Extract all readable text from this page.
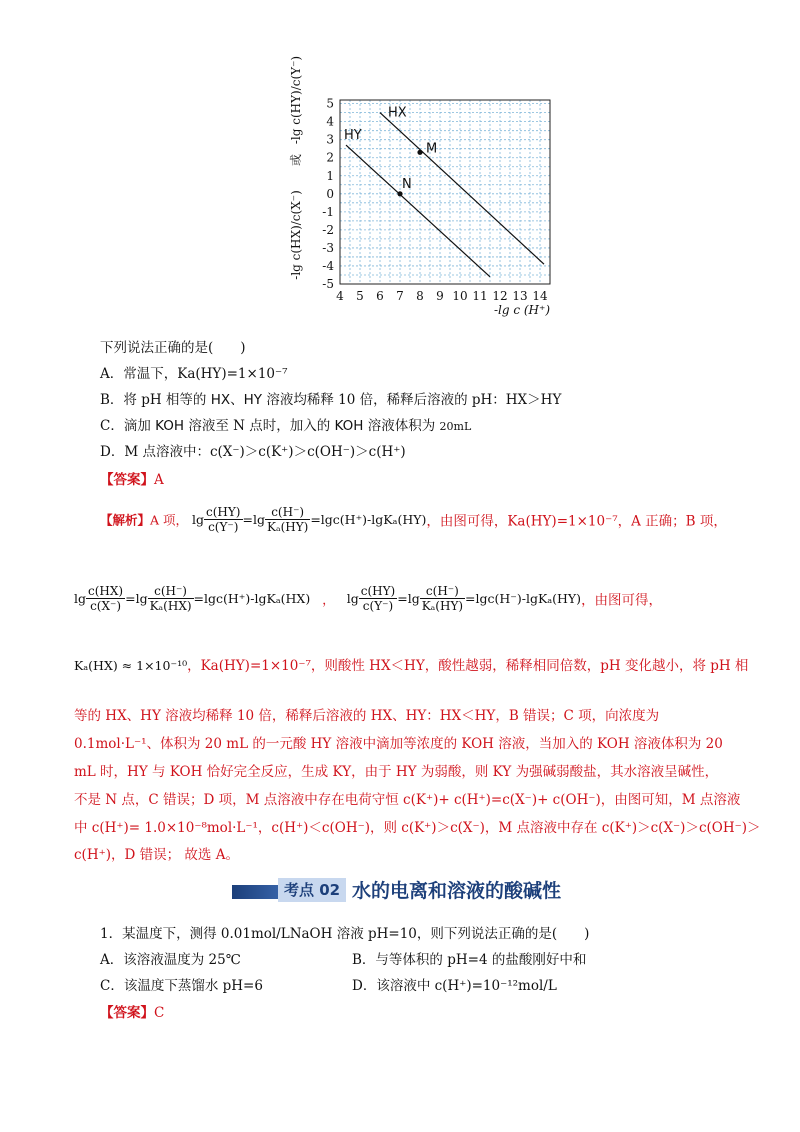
4 5 6 7 8 9 10 11 12 13 14
5
4
3
2
1
0
-1
-2
-3
-4
-5
HX
HY
M
N
-lg c (H⁺)
-lg c(HX)/c(X⁻)
或
-lg c(HY)/c(Y⁻)
下列说法正确的是(　　)
A．常温下，Ka(HY)=1×10⁻⁷
B．将 pH 相等的 HX、HY 溶液均稀释 10 倍，稀释后溶液的 pH：HX＞HY
C．滴加 KOH 溶液至 N 点时，加入的 KOH 溶液体积为 20mL
D．M 点溶液中：c(X⁻)＞c(K⁺)＞c(OH⁻)＞c(H⁺)
【答案】A
【解析】A 项， $\lg \frac{c(HY)}{c(Y^-)} =\lg \frac{c(H^-)}{\text{Kₐ(HY)}} =\lg c(H^+)-\lg K_a(HY)$，由图可得，Ka(HY)=1×10⁻⁷，A 正确；B 项，
$\lg \frac{c(HX)}{c(X^-)} =\lg \frac{c(H^-)}{\text{Kₐ(HX)}} =\lg c(H^+)-\lg K_a(HX)$ ， $\lg \frac{c(HY)}{c(Y^-)} =\lg \frac{c(H^-)}{\text{Kₐ(HY)}} =\lg c(H^-)-\lg K_a(HY)$，由图可得，
Kₐ(HX) ≈ 1×10⁻¹⁰，Ka(HY)=1×10⁻⁷，则酸性 HX＜HY，酸性越弱，稀释相同倍数，pH 变化越小，将 pH 相
等的 HX、HY 溶液均稀释 10 倍，稀释后溶液的 HX、HY：HX＜HY，B 错误；C 项，向浓度为
0.1mol·L⁻¹、体积为 20 mL 的一元酸 HY 溶液中滴加等浓度的 KOH 溶液，当加入的 KOH 溶液体积为 20
mL 时，HY 与 KOH 恰好完全反应，生成 KY，由于 HY 为弱酸，则 KY 为强碱弱酸盐，其水溶液呈碱性，
不是 N 点，C 错误；D 项，M 点溶液中存在电荷守恒 c(K⁺)+ c(H⁺)=c(X⁻)+ c(OH⁻)，由图可知，M 点溶液
中 c(H⁺)= 1.0×10⁻⁸mol·L⁻¹，c(H⁺)＜c(OH⁻)，则 c(K⁺)＞c(X⁻)，M 点溶液中存在 c(K⁺)＞c(X⁻)＞c(OH⁻)＞
c(H⁺)，D 错误； 故选 A。
考点 02 水的电离和溶液的酸碱性
1．某温度下，测得 0.01mol/LNaOH 溶液 pH=10，则下列说法正确的是(　　)
A．该溶液温度为 25℃	B．与等体积的 pH=4 的盐酸刚好中和
C．该温度下蒸馏水 pH=6	D．该溶液中 c(H⁺)=10⁻¹²mol/L
【答案】C
